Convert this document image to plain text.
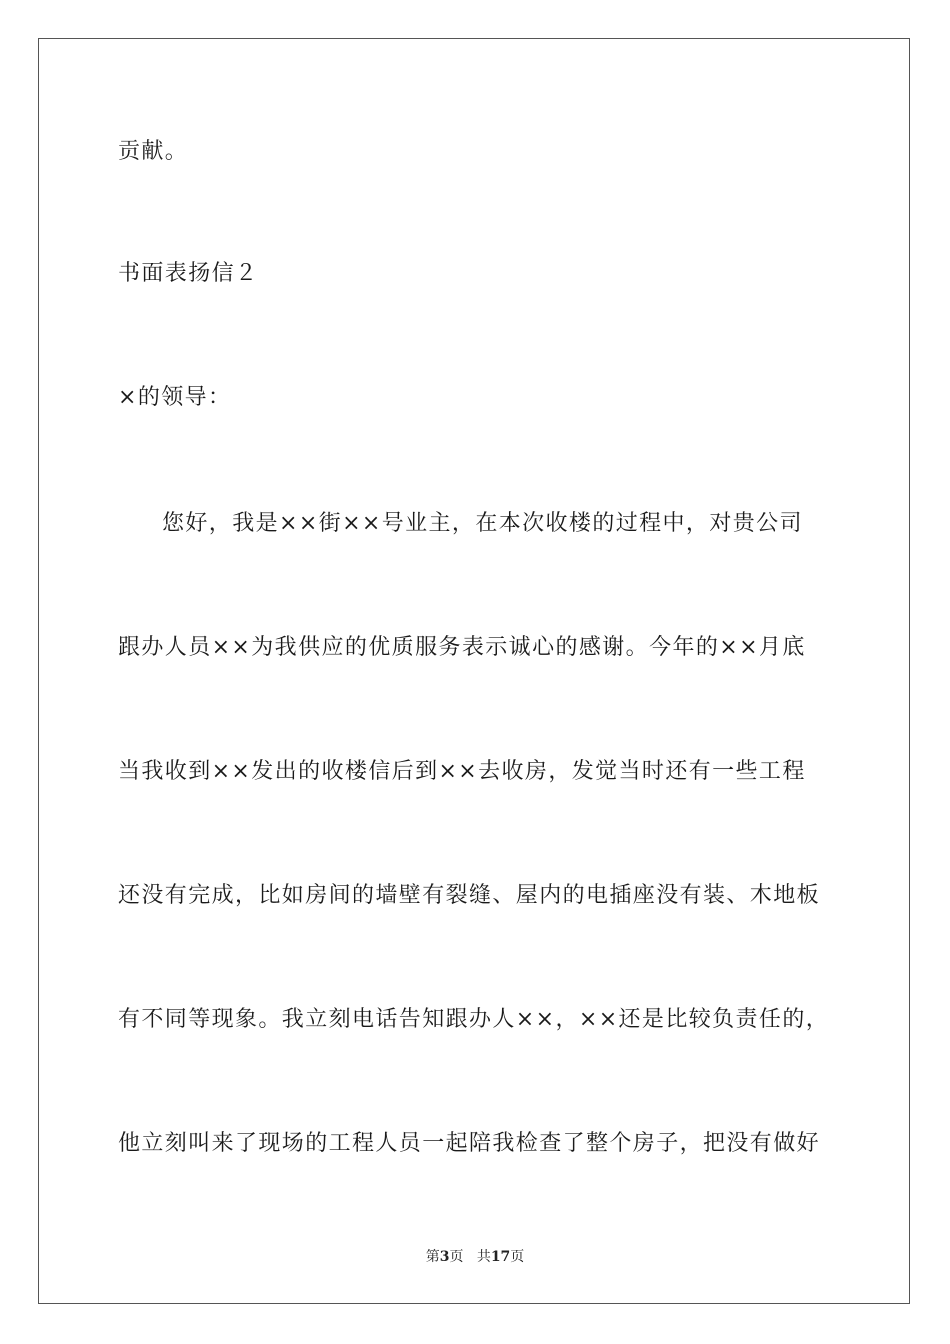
贡献。
书面表扬信２
×的领导：
您好，我是××街××号业主，在本次收楼的过程中，对贵公司
跟办人员××为我供应的优质服务表示诚心的感谢。今年的××月底
当我收到××发出的收楼信后到××去收房，发觉当时还有一些工程
还没有完成，比如房间的墙壁有裂缝、屋内的电插座没有装、木地板
有不同等现象。我立刻电话告知跟办人××，××还是比较负责任的，
他立刻叫来了现场的工程人员一起陪我检查了整个房子，把没有做好
第3页 共17页
